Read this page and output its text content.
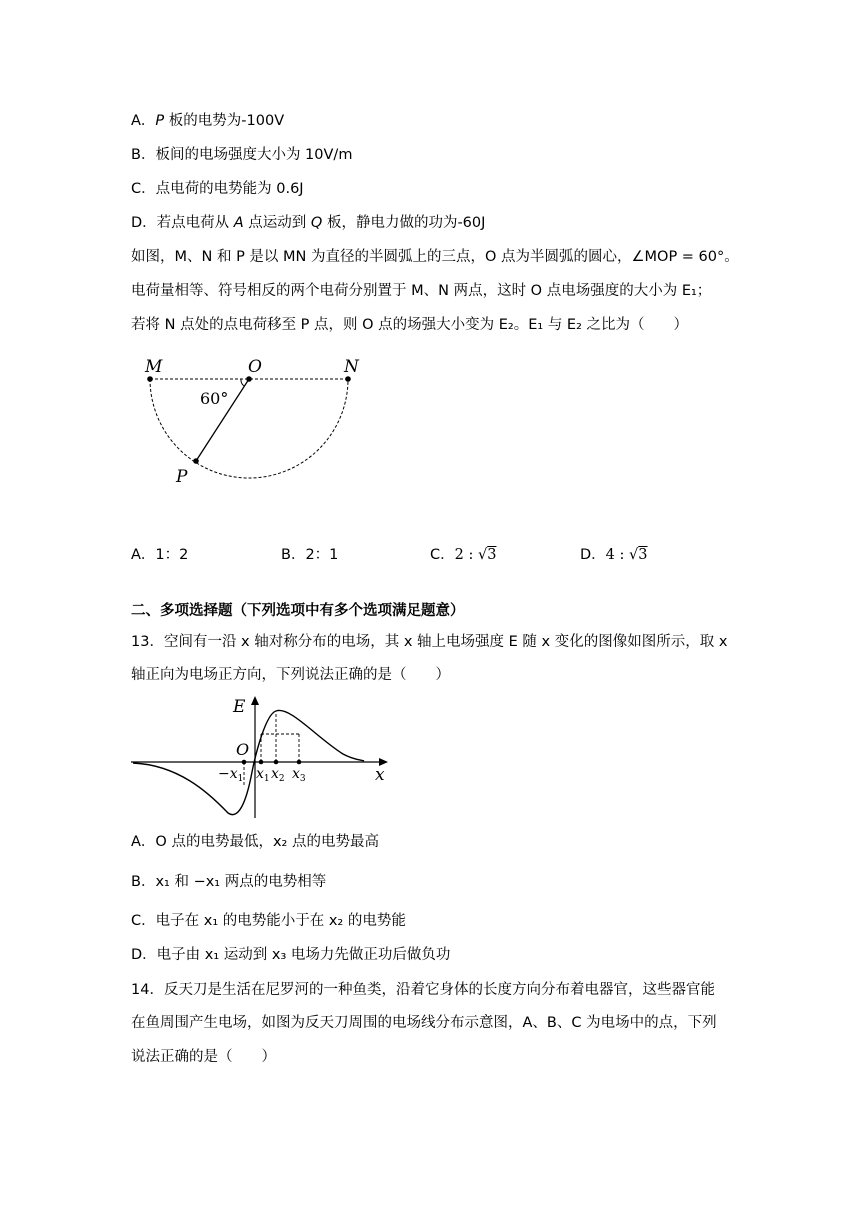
A．P 板的电势为-100V
B．板间的电场强度大小为 10V/m
C．点电荷的电势能为 0.6J
D．若点电荷从 A 点运动到 Q 板，静电力做的功为-60J
如图，M、N 和 P 是以 MN 为直径的半圆弧上的三点，O 点为半圆弧的圆心，∠MOP = 60°。
电荷量相等、符号相反的两个电荷分别置于 M、N 两点，这时 O 点电场强度的大小为 E₁；
若将 N 点处的点电荷移至 P 点，则 O 点的场强大小变为 E₂。E₁ 与 E₂ 之比为（　　）
M	O	N
P
60°
A．1：2	B．2：1	C．2 : √3	D．4 : √3
二、多项选择题（下列选项中有多个选项满足题意）
13．空间有一沿 x 轴对称分布的电场，其 x 轴上电场强度 E 随 x 变化的图像如图所示，取 x
轴正向为电场正方向，下列说法正确的是（　　）
E
O
x
$-x_1$ $x_1$ $x_2$ $x_3$
A．O 点的电势最低，x₂ 点的电势最高
B．x₁ 和 −x₁ 两点的电势相等
C．电子在 x₁ 的电势能小于在 x₂ 的电势能
D．电子由 x₁ 运动到 x₃ 电场力先做正功后做负功
14．反天刀是生活在尼罗河的一种鱼类，沿着它身体的长度方向分布着电器官，这些器官能
在鱼周围产生电场，如图为反天刀周围的电场线分布示意图，A、B、C 为电场中的点，下列
说法正确的是（　　）
